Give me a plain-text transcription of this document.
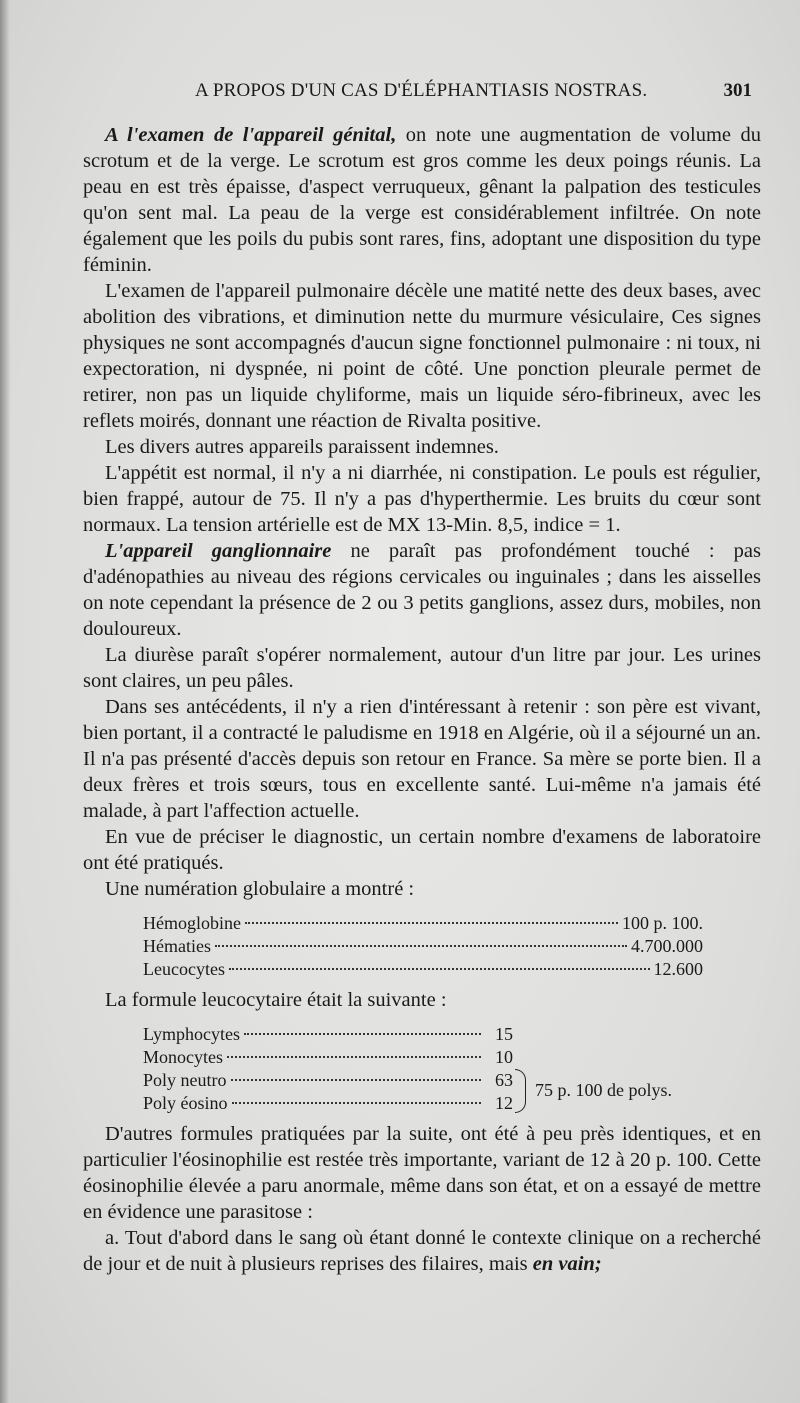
A PROPOS D'UN CAS D'ÉLÉPHANTIASIS NOSTRAS.	301

A l'examen de l'appareil génital, on note une augmentation de volume du scrotum et de la verge. Le scrotum est gros comme les deux poings réunis. La peau en est très épaisse, d'aspect verruqueux, gênant la palpation des testicules qu'on sent mal. La peau de la verge est considérablement infiltrée. On note également que les poils du pubis sont rares, fins, adoptant une disposition du type féminin.

L'examen de l'appareil pulmonaire décèle une matité nette des deux bases, avec abolition des vibrations, et diminution nette du murmure vésiculaire, Ces signes physiques ne sont accompagnés d'aucun signe fonctionnel pulmonaire : ni toux, ni expectoration, ni dyspnée, ni point de côté. Une ponction pleurale permet de retirer, non pas un liquide chyliforme, mais un liquide séro-fibrineux, avec les reflets moirés, donnant une réaction de Rivalta positive.

Les divers autres appareils paraissent indemnes.

L'appétit est normal, il n'y a ni diarrhée, ni constipation. Le pouls est régulier, bien frappé, autour de 75. Il n'y a pas d'hyperthermie. Les bruits du cœur sont normaux. La tension artérielle est de MX 13-Min. 8,5, indice = 1.

L'appareil ganglionnaire ne paraît pas profondément touché : pas d'adénopathies au niveau des régions cervicales ou inguinales ; dans les aisselles on note cependant la présence de 2 ou 3 petits ganglions, assez durs, mobiles, non douloureux.

La diurèse paraît s'opérer normalement, autour d'un litre par jour. Les urines sont claires, un peu pâles.

Dans ses antécédents, il n'y a rien d'intéressant à retenir : son père est vivant, bien portant, il a contracté le paludisme en 1918 en Algérie, où il a séjourné un an. Il n'a pas présenté d'accès depuis son retour en France. Sa mère se porte bien. Il a deux frères et trois sœurs, tous en excellente santé. Lui-même n'a jamais été malade, à part l'affection actuelle.

En vue de préciser le diagnostic, un certain nombre d'examens de laboratoire ont été pratiqués.

Une numération globulaire a montré :

Hémoglobine	100 p. 100.
Hématies	4.700.000
Leucocytes	12.600

La formule leucocytaire était la suivante :

Lymphocytes	15
Monocytes	10
Poly neutro	63
Poly éosino	12
75 p. 100 de polys.

D'autres formules pratiquées par la suite, ont été à peu près identiques, et en particulier l'éosinophilie est restée très importante, variant de 12 à 20 p. 100. Cette éosinophilie élevée a paru anormale, même dans son état, et on a essayé de mettre en évidence une parasitose :

a. Tout d'abord dans le sang où étant donné le contexte clinique on a recherché de jour et de nuit à plusieurs reprises des filaires, mais en vain;
